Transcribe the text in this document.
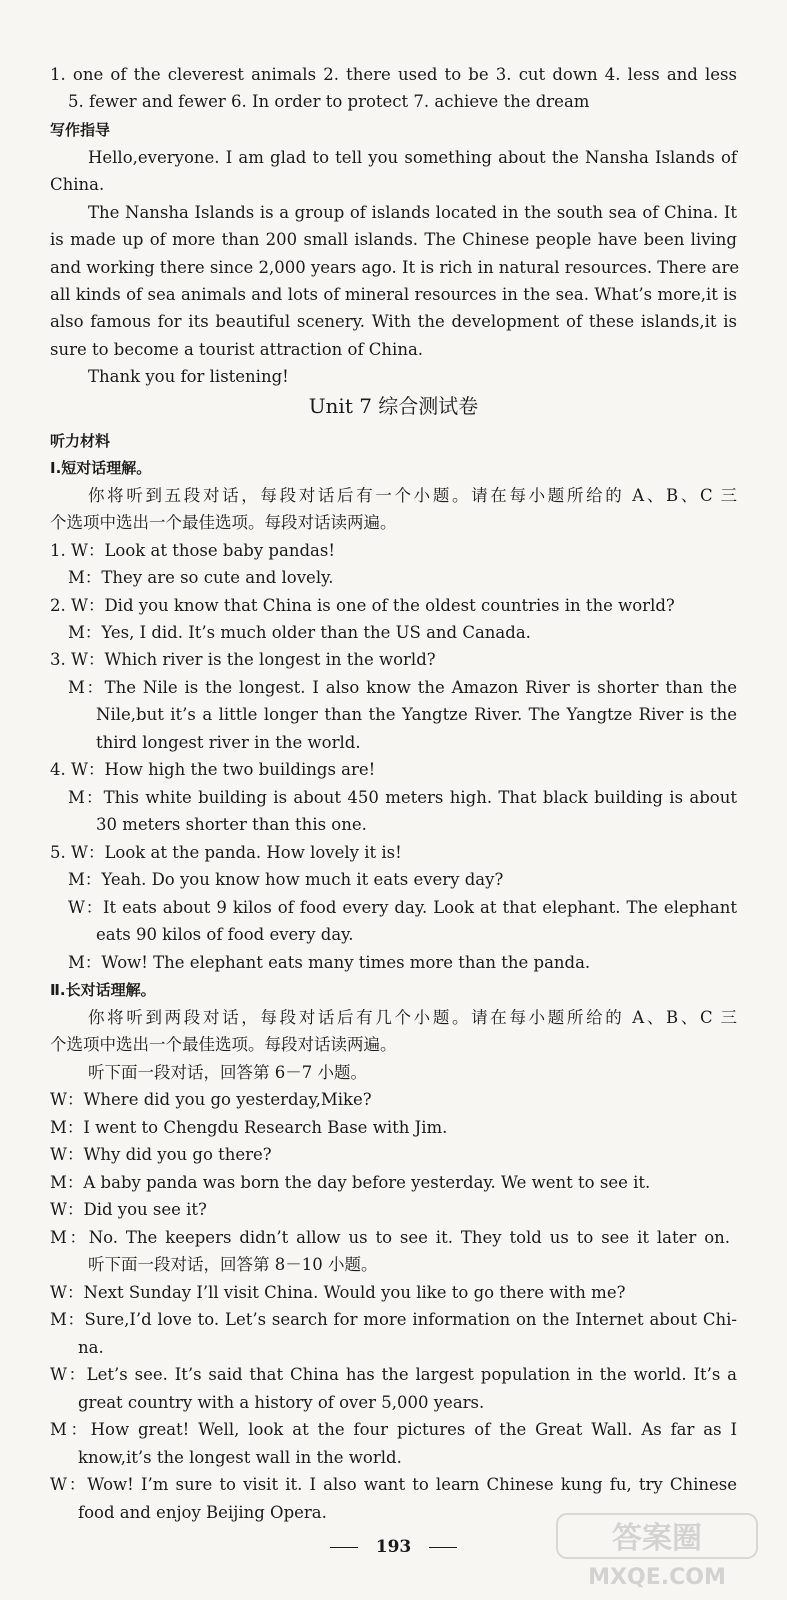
1. one of the cleverest animals 2. there used to be 3. cut down 4. less and less
5. fewer and fewer 6. In order to protect 7. achieve the dream
写作指导
Hello,everyone. I am glad to tell you something about the Nansha Islands of
China.
The Nansha Islands is a group of islands located in the south sea of China. It
is made up of more than 200 small islands. The Chinese people have been living
and working there since 2,000 years ago. It is rich in natural resources. There are
all kinds of sea animals and lots of mineral resources in the sea. What’s more,it is
also famous for its beautiful scenery. With the development of these islands,it is
sure to become a tourist attraction of China.
Thank you for listening!
Unit 7 综合测试卷
听力材料
Ⅰ.短对话理解。
你将听到五段对话，每段对话后有一个小题。请在每小题所给的 A、B、C 三
个选项中选出一个最佳选项。每段对话读两遍。
1. W：Look at those baby pandas!
M：They are so cute and lovely.
2. W：Did you know that China is one of the oldest countries in the world?
M：Yes, I did. It’s much older than the US and Canada.
3. W：Which river is the longest in the world?
M：The Nile is the longest. I also know the Amazon River is shorter than the
Nile,but it’s a little longer than the Yangtze River. The Yangtze River is the
third longest river in the world.
4. W：How high the two buildings are!
M：This white building is about 450 meters high. That black building is about
30 meters shorter than this one.
5. W：Look at the panda. How lovely it is!
M：Yeah. Do you know how much it eats every day?
W：It eats about 9 kilos of food every day. Look at that elephant. The elephant
eats 90 kilos of food every day.
M：Wow! The elephant eats many times more than the panda.
Ⅱ.长对话理解。
你将听到两段对话，每段对话后有几个小题。请在每小题所给的 A、B、C 三
个选项中选出一个最佳选项。每段对话读两遍。
听下面一段对话，回答第 6－7 小题。
W：Where did you go yesterday,Mike?
M：I went to Chengdu Research Base with Jim.
W：Why did you go there?
M：A baby panda was born the day before yesterday. We went to see it.
W：Did you see it?
M：No. The keepers didn’t allow us to see it. They told us to see it later on.
听下面一段对话，回答第 8－10 小题。
W：Next Sunday I’ll visit China. Would you like to go there with me?
M：Sure,I’d love to. Let’s search for more information on the Internet about Chi-
na.
W：Let’s see. It’s said that China has the largest population in the world. It’s a
great country with a history of over 5,000 years.
M：How great! Well, look at the four pictures of the Great Wall. As far as I
know,it’s the longest wall in the world.
W：Wow! I’m sure to visit it. I also want to learn Chinese kung fu, try Chinese
food and enjoy Beijing Opera.
193	答案圈
MXQE.COM
